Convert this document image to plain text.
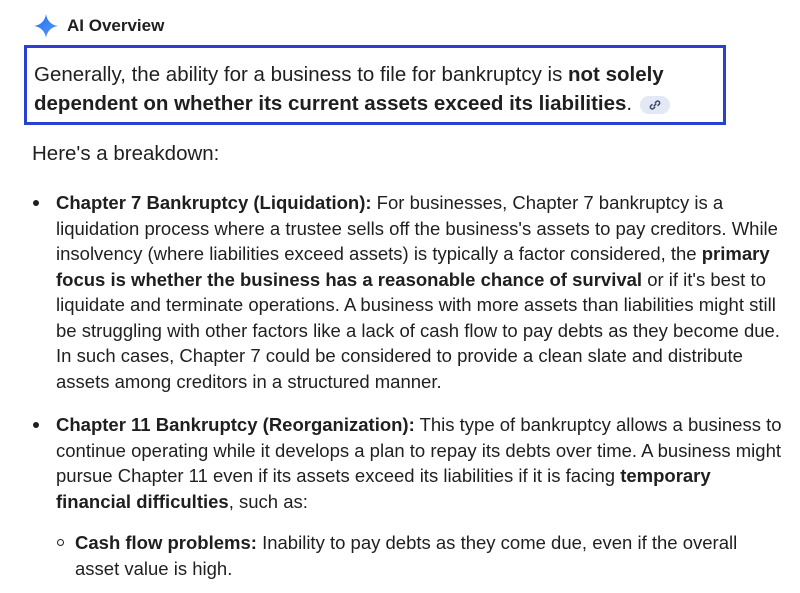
AI Overview
Generally, the ability for a business to file for bankruptcy is not solely dependent on whether its current assets exceed its liabilities.
Here's a breakdown:
Chapter 7 Bankruptcy (Liquidation): For businesses, Chapter 7 bankruptcy is a liquidation process where a trustee sells off the business's assets to pay creditors. While insolvency (where liabilities exceed assets) is typically a factor considered, the primary focus is whether the business has a reasonable chance of survival or if it's best to liquidate and terminate operations. A business with more assets than liabilities might still be struggling with other factors like a lack of cash flow to pay debts as they become due. In such cases, Chapter 7 could be considered to provide a clean slate and distribute assets among creditors in a structured manner.
Chapter 11 Bankruptcy (Reorganization): This type of bankruptcy allows a business to continue operating while it develops a plan to repay its debts over time. A business might pursue Chapter 11 even if its assets exceed its liabilities if it is facing temporary financial difficulties, such as:
Cash flow problems: Inability to pay debts as they come due, even if the overall asset value is high.
